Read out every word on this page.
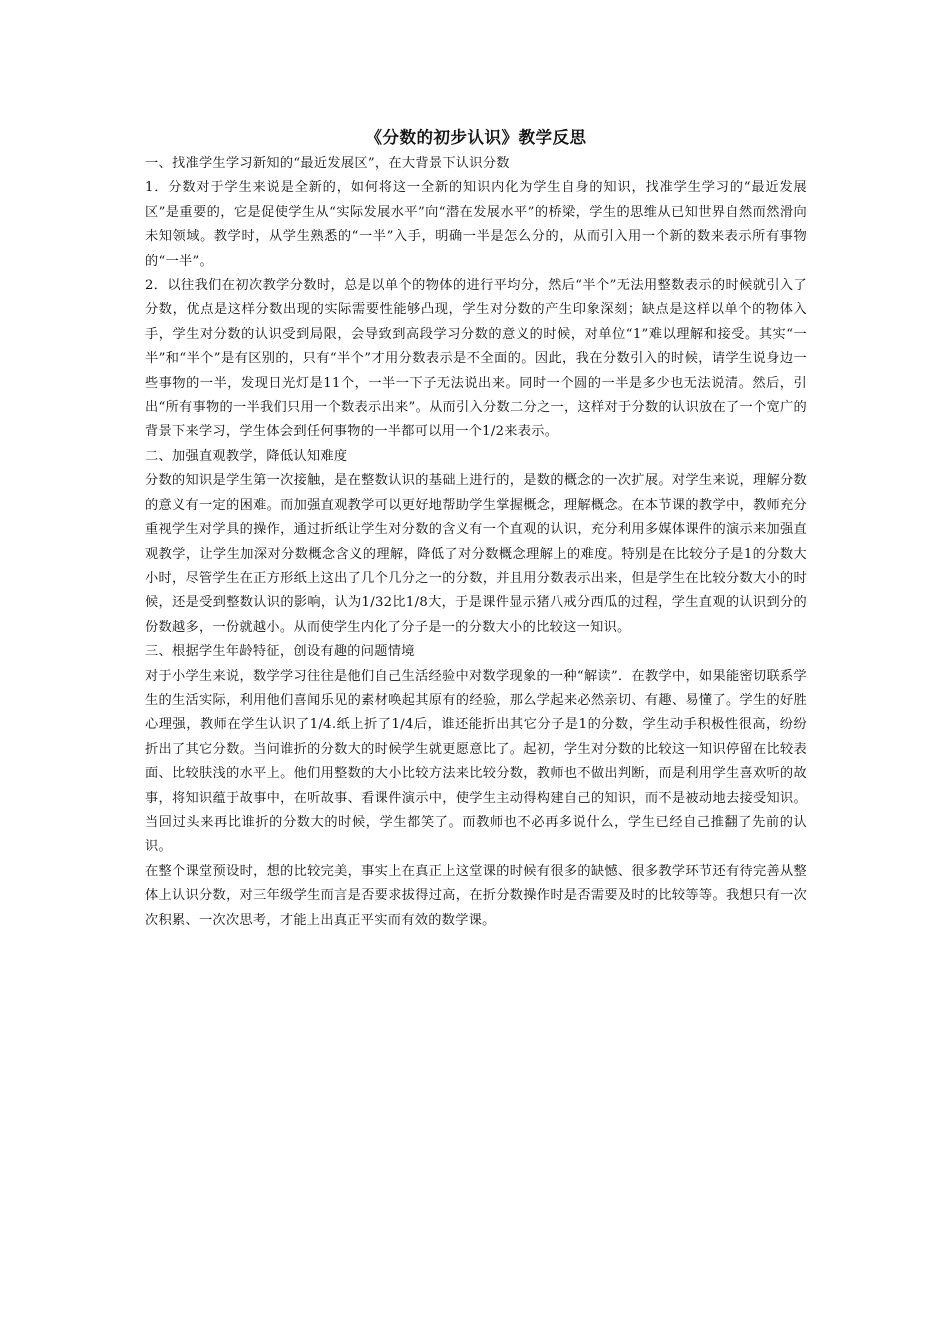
《分数的初步认识》教学反思

一、找准学生学习新知的“最近发展区”，在大背景下认识分数

1．分数对于学生来说是全新的，如何将这一全新的知识内化为学生自身的知识，找准学生学习的“最近发展区”是重要的，它是促使学生从“实际发展水平”向“潜在发展水平”的桥梁，学生的思维从已知世界自然而然滑向未知领域。教学时，从学生熟悉的“一半”入手，明确一半是怎么分的，从而引入用一个新的数来表示所有事物的“一半”。

2．以往我们在初次教学分数时，总是以单个的物体的进行平均分，然后“半个”无法用整数表示的时候就引入了分数，优点是这样分数出现的实际需要性能够凸现，学生对分数的产生印象深刻；缺点是这样以单个的物体入手，学生对分数的认识受到局限，会导致到高段学习分数的意义的时候，对单位“1”难以理解和接受。其实“一半”和“半个”是有区别的，只有“半个”才用分数表示是不全面的。因此，我在分数引入的时候，请学生说身边一些事物的一半，发现日光灯是11个，一半一下子无法说出来。同时一个圆的一半是多少也无法说清。然后，引出“所有事物的一半我们只用一个数表示出来”。从而引入分数二分之一，这样对于分数的认识放在了一个宽广的背景下来学习，学生体会到任何事物的一半都可以用一个1/2来表示。

二、加强直观教学，降低认知难度

分数的知识是学生第一次接触，是在整数认识的基础上进行的，是数的概念的一次扩展。对学生来说，理解分数的意义有一定的困难。而加强直观教学可以更好地帮助学生掌握概念，理解概念。在本节课的教学中，教师充分重视学生对学具的操作，通过折纸让学生对分数的含义有一个直观的认识，充分利用多媒体课件的演示来加强直观教学，让学生加深对分数概念含义的理解，降低了对分数概念理解上的难度。特别是在比较分子是1的分数大小时，尽管学生在正方形纸上这出了几个几分之一的分数，并且用分数表示出来，但是学生在比较分数大小的时候，还是受到整数认识的影响，认为1/32比1/8大，于是课件显示猪八戒分西瓜的过程，学生直观的认识到分的份数越多，一份就越小。从而使学生内化了分子是一的分数大小的比较这一知识。

三、根据学生年龄特征，创设有趣的问题情境

对于小学生来说，数学学习往往是他们自己生活经验中对数学现象的一种“解读”．在教学中，如果能密切联系学生的生活实际，利用他们喜闻乐见的素材唤起其原有的经验，那么学起来必然亲切、有趣、易懂了。学生的好胜心理强，教师在学生认识了1/4.纸上折了1/4后，谁还能折出其它分子是1的分数，学生动手积极性很高，纷纷折出了其它分数。当问谁折的分数大的时候学生就更愿意比了。起初，学生对分数的比较这一知识停留在比较表面、比较肤浅的水平上。他们用整数的大小比较方法来比较分数，教师也不做出判断，而是利用学生喜欢听的故事，将知识蕴于故事中，在听故事、看课件演示中，使学生主动得构建自己的知识，而不是被动地去接受知识。当回过头来再比谁折的分数大的时候，学生都笑了。而教师也不必再多说什么，学生已经自己推翻了先前的认识。

在整个课堂预设时，想的比较完美，事实上在真正上这堂课的时候有很多的缺憾、很多教学环节还有待完善从整体上认识分数，对三年级学生而言是否要求拔得过高，在折分数操作时是否需要及时的比较等等。我想只有一次次积累、一次次思考，才能上出真正平实而有效的数学课。
